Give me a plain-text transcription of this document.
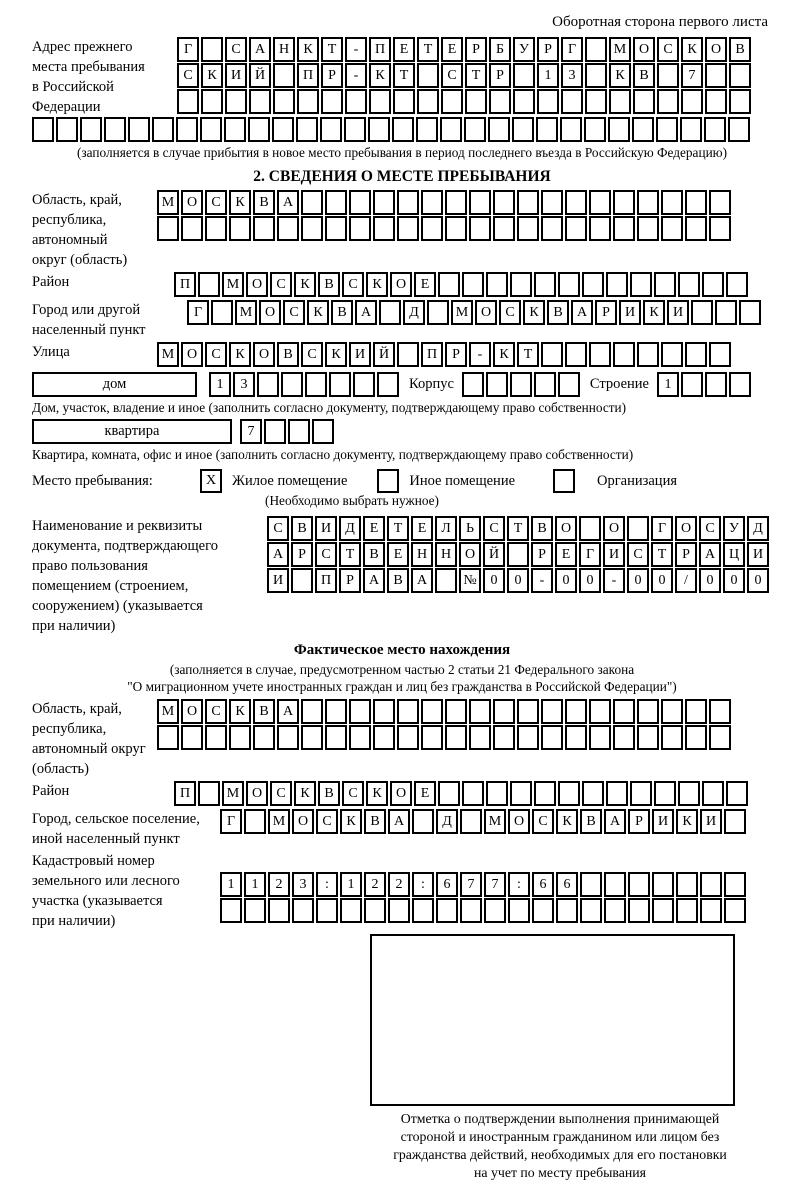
Оборотная сторона первого листа
Адрес прежнего
места пребывания
в Российской
Федерации
Г	С	А Н	К	Т	-	П	Е	Т	Е	Р	Б	У	Р	Г	М О	С	К	О	В
С	К	И Й	П	Р	-	К	Т	С	Т	Р	1	3	К	В	7
(заполняется в случае прибытия в новое место пребывания в период последнего въезда в Российскую Федерацию)
2. СВЕДЕНИЯ О МЕСТЕ ПРЕБЫВАНИЯ
Область, край,
республика,
автономный
округ (область)
М О	С	К	В	А
Район	П	М О	С	К	В	С	К	О	Е
Город или другой
населенный пункт
Г	М О	С	К	В	А	Д	М О	С	К	В	А	Р	И	К	И
Улица	М О	С	К	О	В	С	К	И Й	П	Р	-	К	Т
дом	1	3	Корпус	Строение	1
Дом, участок, владение и иное (заполнить согласно документу, подтверждающему право собственности)
квартира	7
Квартира, комната, офис и иное (заполнить согласно документу, подтверждающему право собственности)
Место пребывания:	X	Жилое помещение	Иное помещение	Организация
(Необходимо выбрать нужное)
Наименование и реквизиты
документа, подтверждающего
право пользования
помещением (строением,
сооружением) (указывается
при наличии)
С	В	И	Д	Е	Т	Е	Л	Ь	С	Т	В	О	О	Г	О	С	У	Д
А	Р	С	Т	В	Е	Н Н О Й	Р	Е	Г	И	С	Т	Р	А Ц И
И	П	Р	А	В	А	№ 0	0	-	0	0	-	0	0	/	0	0	0
Фактическое место нахождения
(заполняется в случае, предусмотренном частью 2 статьи 21 Федерального закона
"О миграционном учете иностранных граждан и лиц без гражданства в Российской Федерации")
Область, край,
республика,
автономный округ
(область)
М О	С	К	В	А
Район	П	М О	С	К	В	С	К	О	Е
Город, сельское поселение,
иной населенный пункт
Г	М О	С	К	В	А	Д	М О	С	К	В	А	Р	И	К	И
Кадастровый номер
земельного или лесного
участка (указывается
при наличии)
1	1	2	3	:	1	2	2	:	6	7	7	:	6	6
Отметка о подтверждении выполнения принимающей
стороной и иностранным гражданином или лицом без
гражданства действий, необходимых для его постановки
на учет по месту пребывания
